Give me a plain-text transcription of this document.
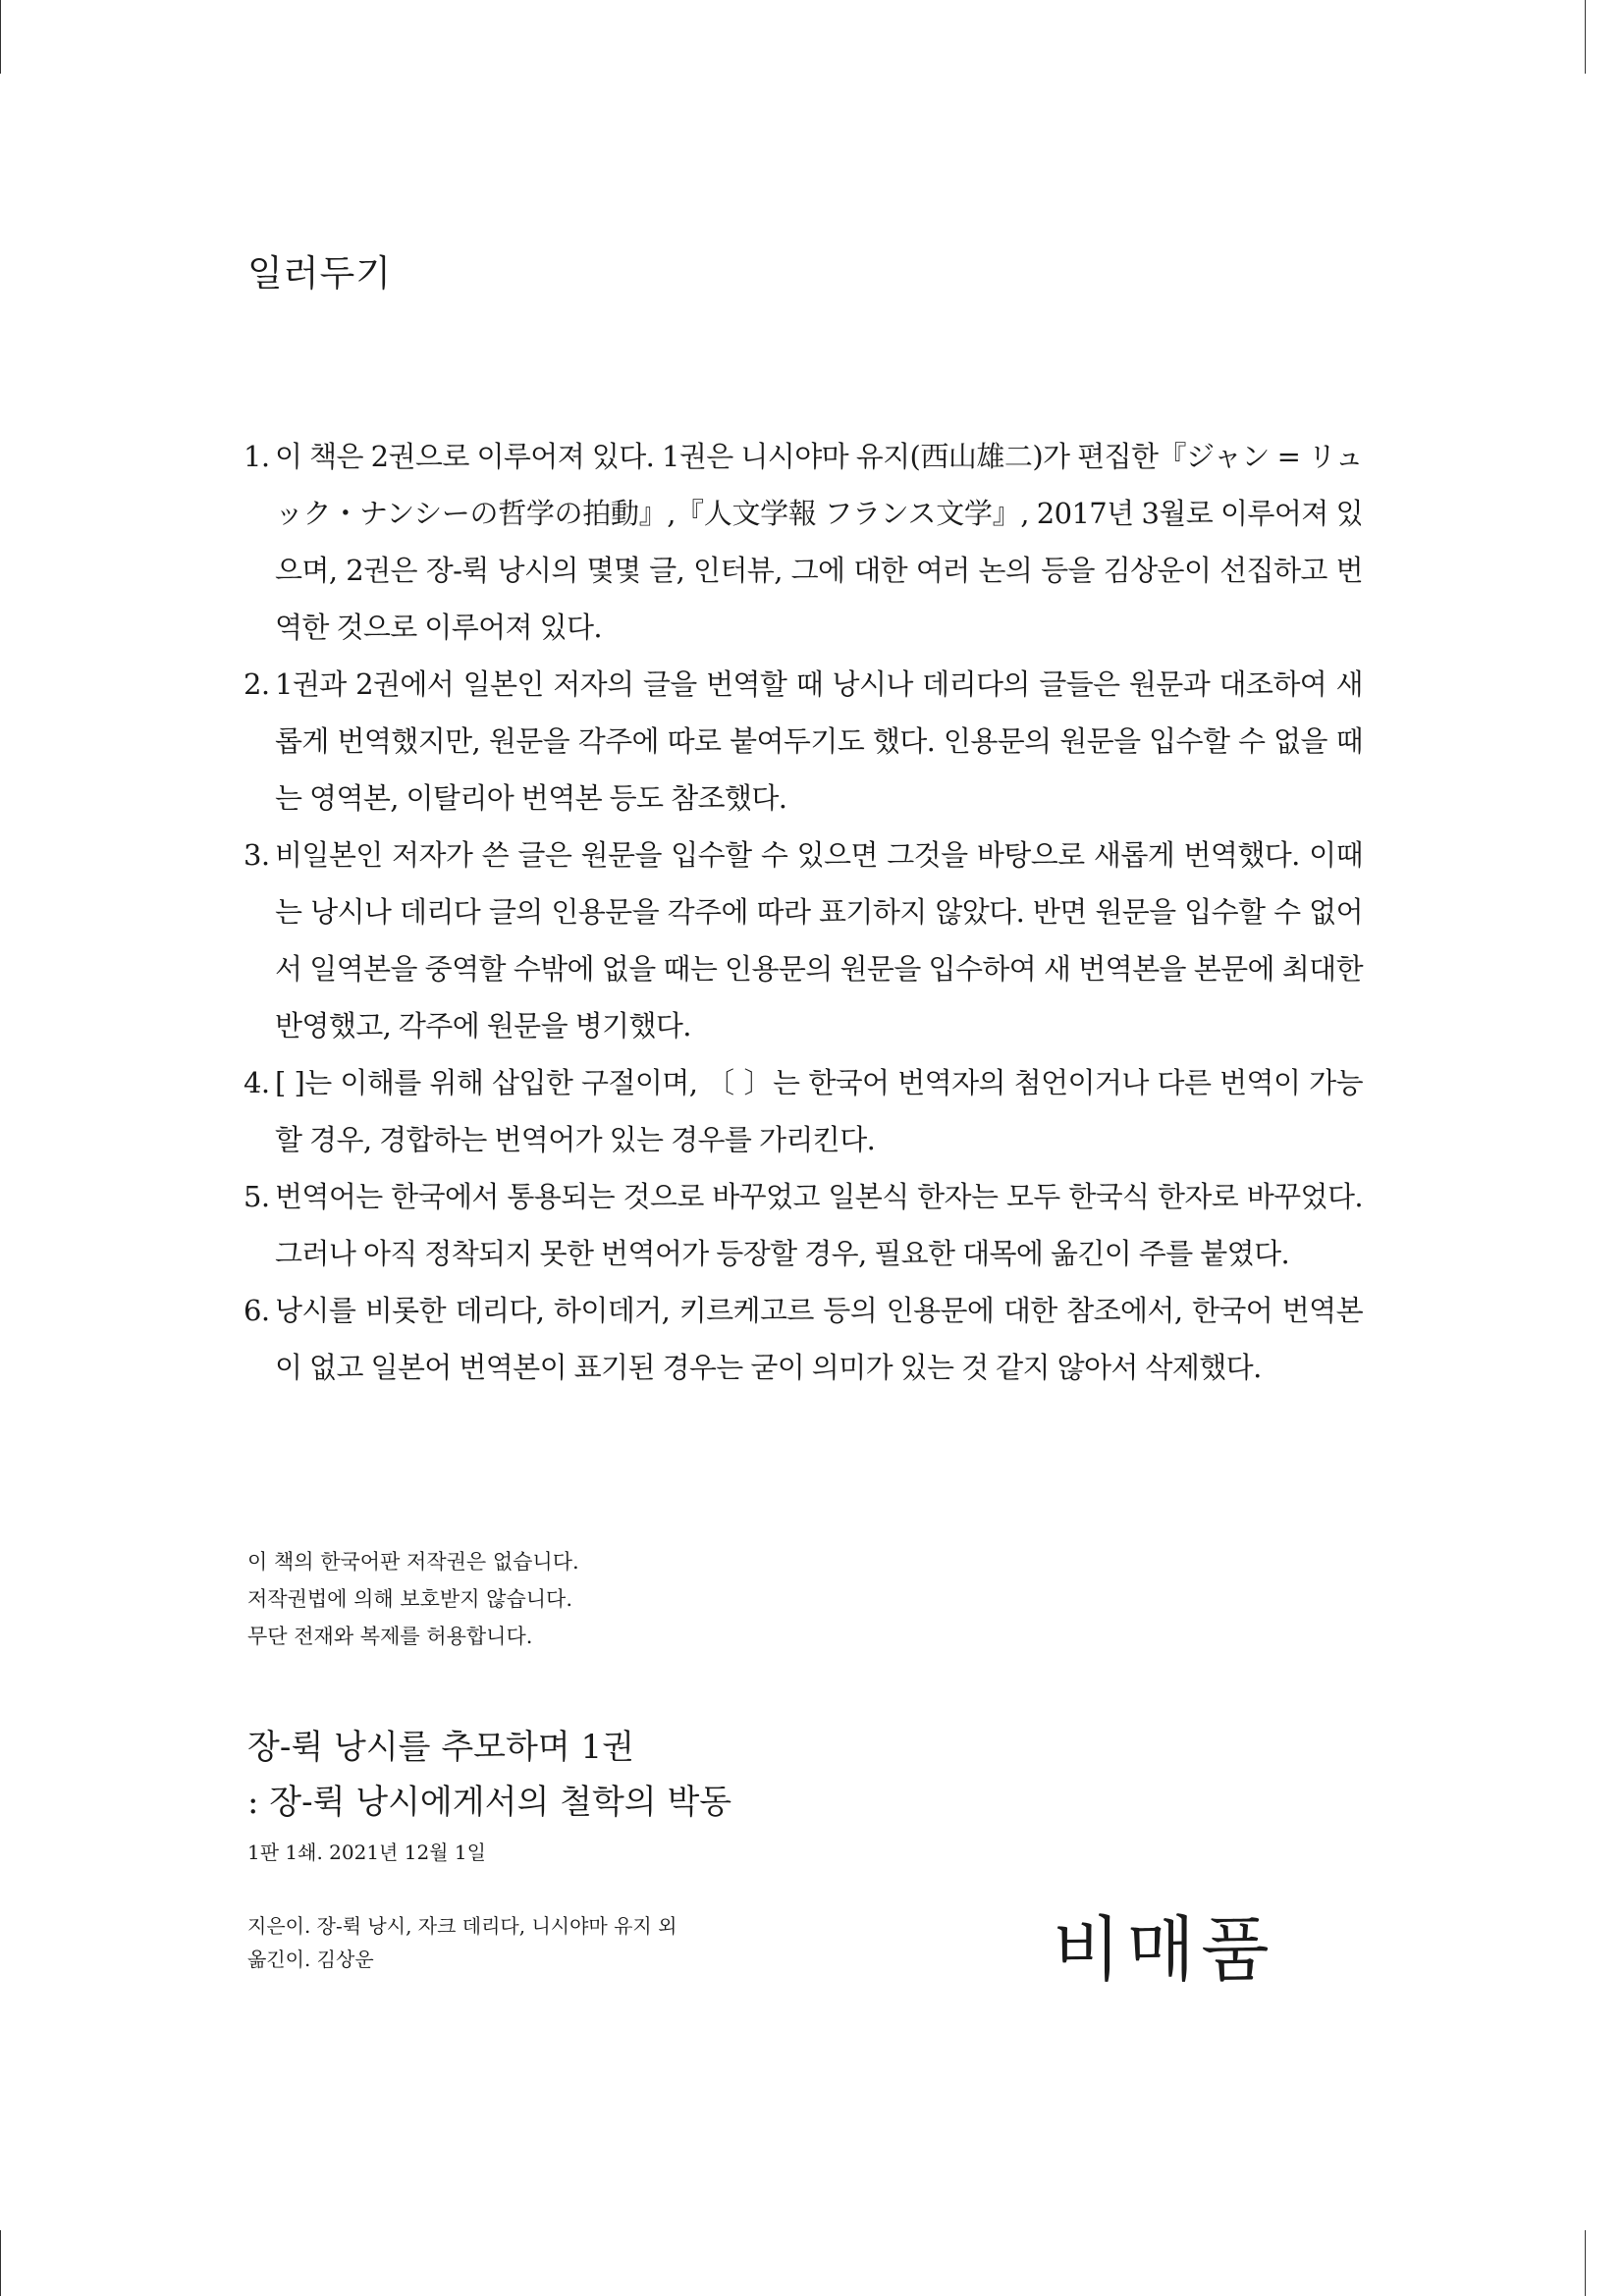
일러두기
1. 이 책은 2권으로 이루어져 있다. 1권은 니시야마 유지(西山雄二)가 편집한『ジャン = リュック・ナンシーの哲学の拍動』,『人文学報 フランス文学』, 2017년 3월로 이루어져 있으며, 2권은 장-뤽 낭시의 몇몇 글, 인터뷰, 그에 대한 여러 논의 등을 김상운이 선집하고 번역한 것으로 이루어져 있다.
2. 1권과 2권에서 일본인 저자의 글을 번역할 때 낭시나 데리다의 글들은 원문과 대조하여 새롭게 번역했지만, 원문을 각주에 따로 붙여두기도 했다. 인용문의 원문을 입수할 수 없을 때는 영역본, 이탈리아 번역본 등도 참조했다.
3. 비일본인 저자가 쓴 글은 원문을 입수할 수 있으면 그것을 바탕으로 새롭게 번역했다. 이때는 낭시나 데리다 글의 인용문을 각주에 따라 표기하지 않았다. 반면 원문을 입수할 수 없어서 일역본을 중역할 수밖에 없을 때는 인용문의 원문을 입수하여 새 번역본을 본문에 최대한 반영했고, 각주에 원문을 병기했다.
4. [ ]는 이해를 위해 삽입한 구절이며, 〔 〕는 한국어 번역자의 첨언이거나 다른 번역이 가능할 경우, 경합하는 번역어가 있는 경우를 가리킨다.
5. 번역어는 한국에서 통용되는 것으로 바꾸었고 일본식 한자는 모두 한국식 한자로 바꾸었다. 그러나 아직 정착되지 못한 번역어가 등장할 경우, 필요한 대목에 옮긴이 주를 붙였다.
6. 낭시를 비롯한 데리다, 하이데거, 키르케고르 등의 인용문에 대한 참조에서, 한국어 번역본이 없고 일본어 번역본이 표기된 경우는 굳이 의미가 있는 것 같지 않아서 삭제했다.
이 책의 한국어판 저작권은 없습니다.
저작권법에 의해 보호받지 않습니다.
무단 전재와 복제를 허용합니다.
장-뤽 낭시를 추모하며 1권
: 장-뤽 낭시에게서의 철학의 박동
1판 1쇄. 2021년 12월 1일
지은이. 장-뤽 낭시, 자크 데리다, 니시야마 유지 외
옮긴이. 김상운	비매품
